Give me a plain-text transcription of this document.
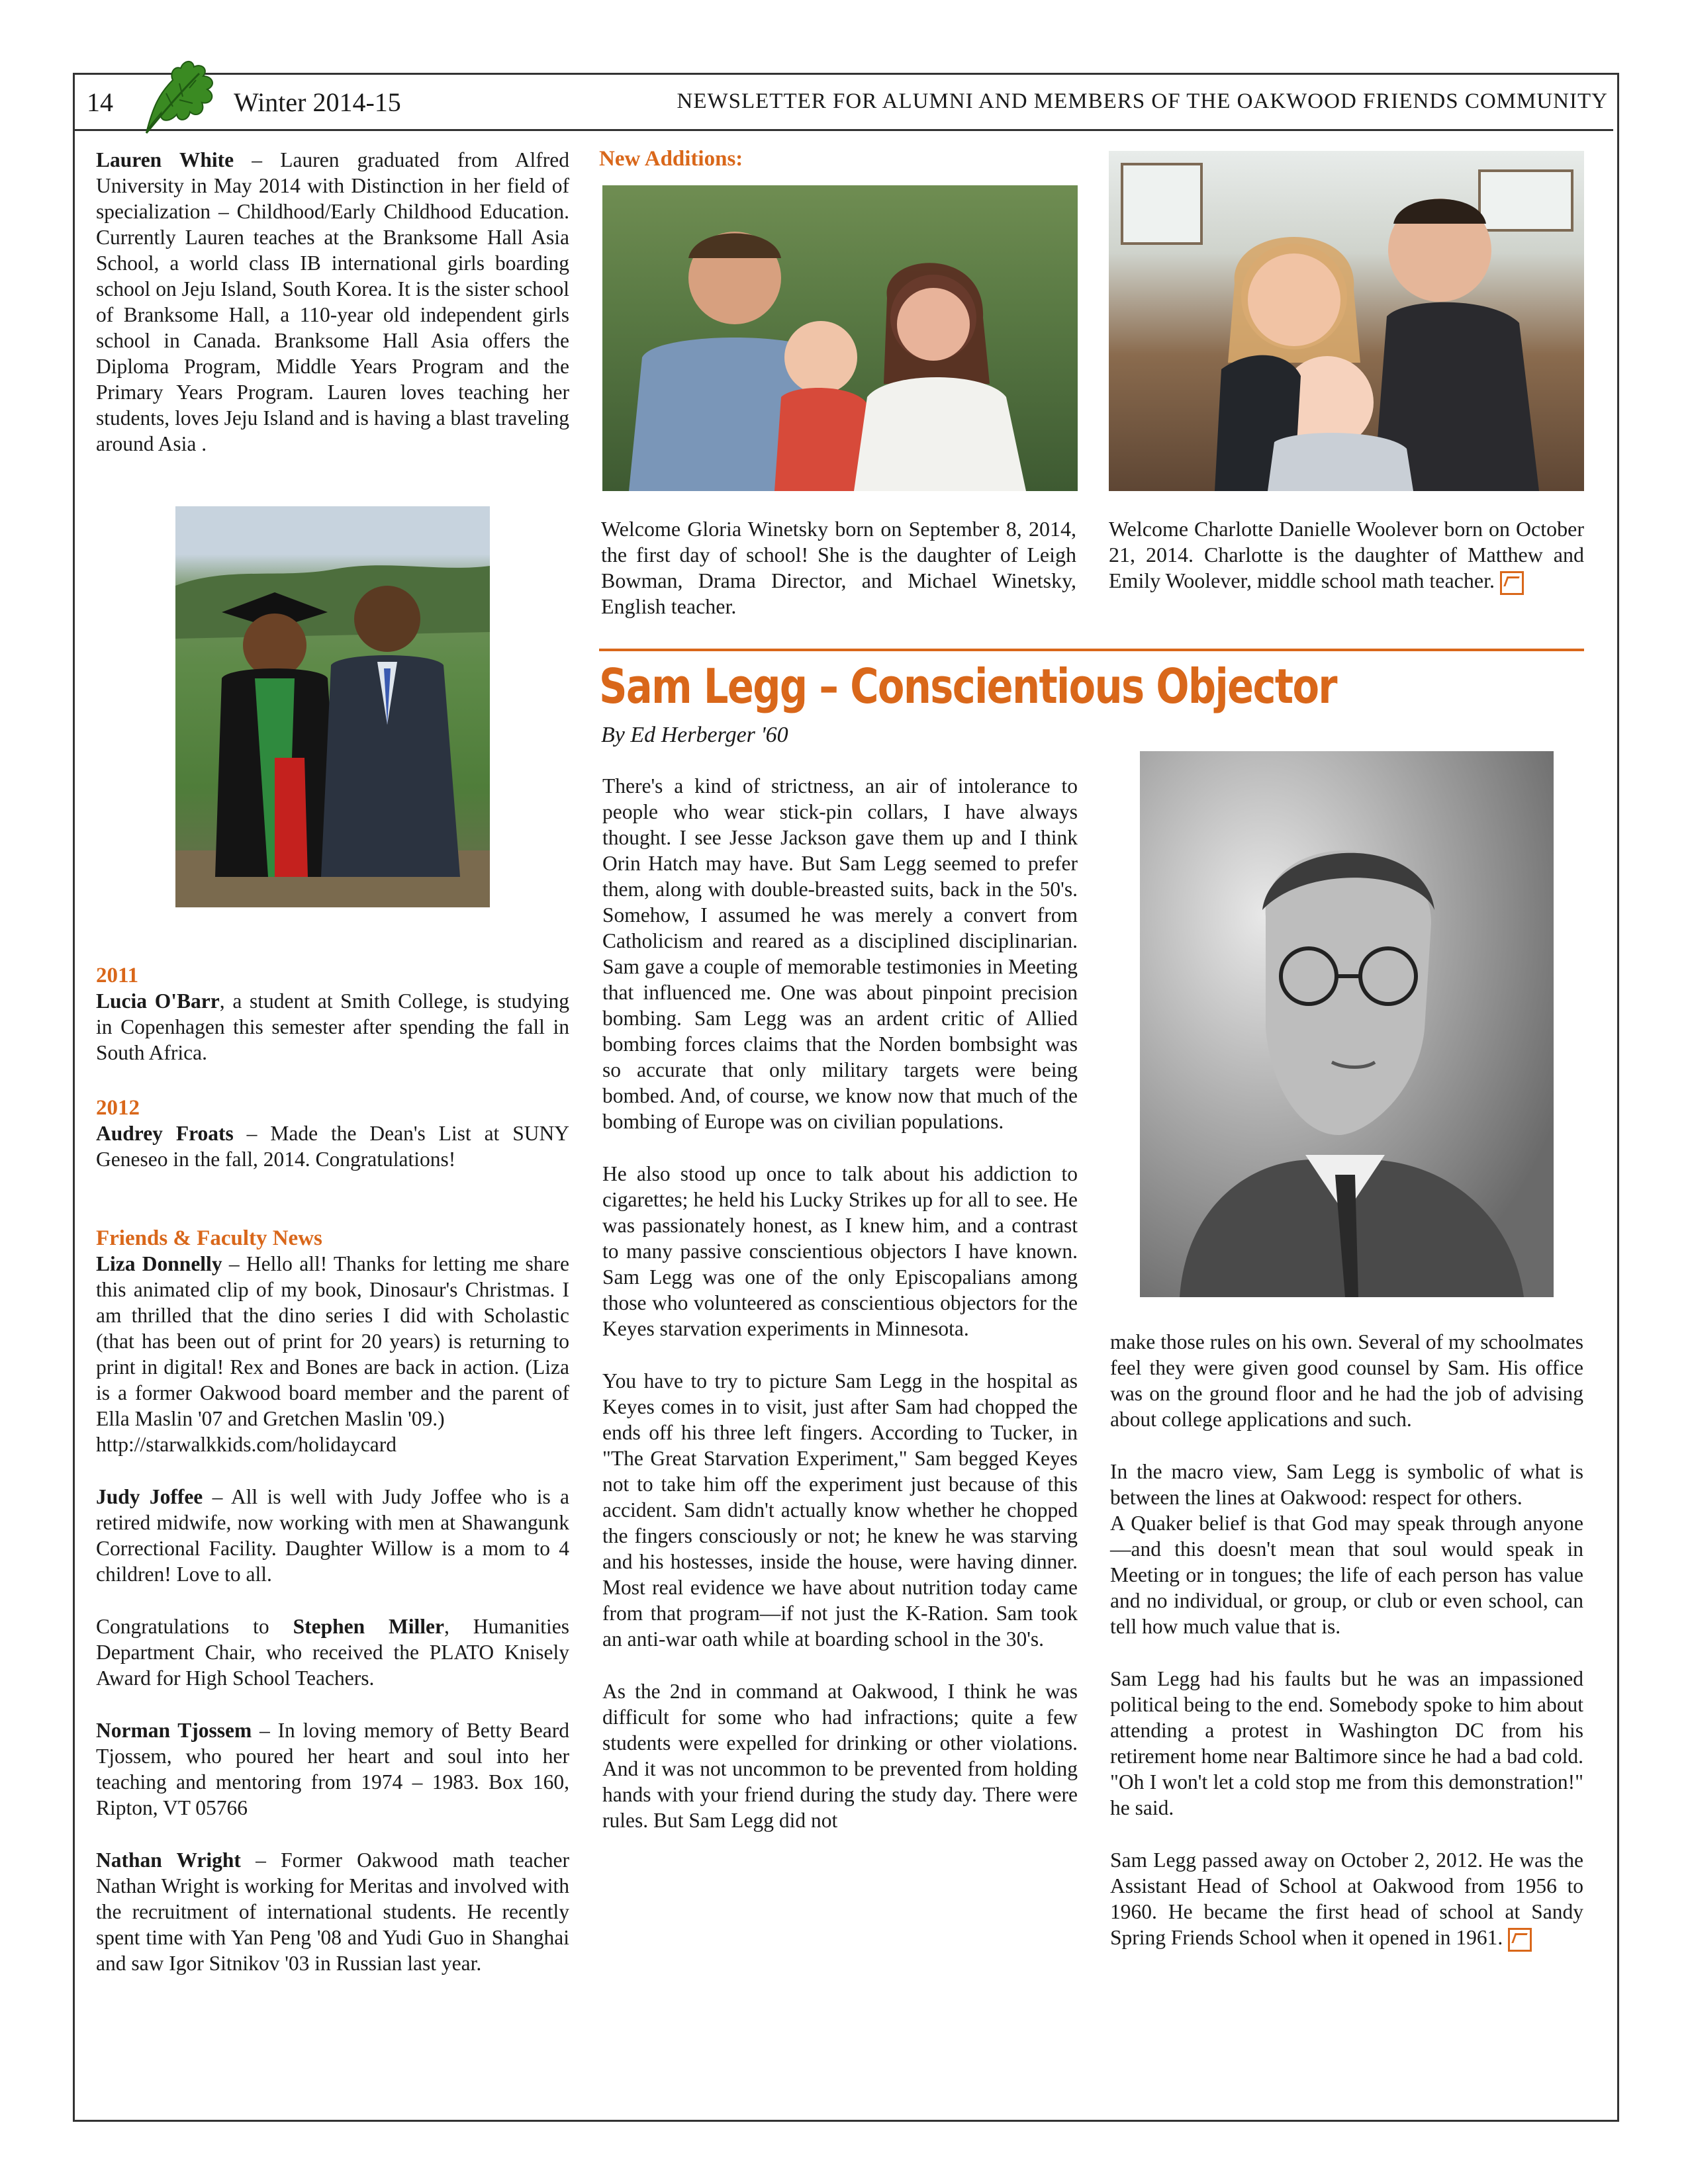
14	Winter 2014-15	NEWSLETTER FOR ALUMNI AND MEMBERS OF THE OAKWOOD FRIENDS COMMUNITY

Lauren White – Lauren graduated from Alfred University in May 2014 with Distinction in her field of specialization – Childhood/Early Childhood Education. Currently Lauren teaches at the Branksome Hall Asia School, a world class IB international girls boarding school on Jeju Island, South Korea. It is the sister school of Branksome Hall, a 110-year old independent girls school in Canada. Branksome Hall Asia offers the Diploma Program, Middle Years Program and the Primary Years Program. Lauren loves teaching her students, loves Jeju Island and is having a blast traveling around Asia .

2011

Lucia O'Barr, a student at Smith College, is studying in Copenhagen this semester after spending the fall in South Africa.

2012

Audrey Froats – Made the Dean's List at SUNY Geneseo in the fall, 2014. Congratulations!

Friends & Faculty News

Liza Donnelly – Hello all! Thanks for letting me share this animated clip of my book, Dinosaur's Christmas. I am thrilled that the dino series I did with Scholastic (that has been out of print for 20 years) is returning to print in digital! Rex and Bones are back in action. (Liza is a former Oakwood board member and the parent of Ella Maslin '07 and Gretchen Maslin '09.)
http://starwalkkids.com/holidaycard

Judy Joffee – All is well with Judy Joffee who is a retired midwife, now working with men at Shawangunk Correctional Facility. Daughter Willow is a mom to 4 children! Love to all.

Congratulations to Stephen Miller, Humanities Department Chair, who received the PLATO Knisely Award for High School Teachers.

Norman Tjossem – In loving memory of Betty Beard Tjossem, who poured her heart and soul into her teaching and mentoring from 1974 – 1983. Box 160, Ripton, VT 05766

Nathan Wright – Former Oakwood math teacher Nathan Wright is working for Meritas and involved with the recruitment of international students. He recently spent time with Yan Peng '08 and Yudi Guo in Shanghai and saw Igor Sitnikov '03 in Russian last year.

New Additions:
Welcome Gloria Winetsky born on September 8, 2014, the first day of school! She is the daughter of Leigh Bowman, Drama Director, and Michael Winetsky, English teacher.
Welcome Charlotte Danielle Woolever born on October 21, 2014. Charlotte is the daughter of Matthew and Emily Woolever, middle school math teacher.
Sam Legg – Conscientious Objector
By Ed Herberger '60

There's a kind of strictness, an air of intolerance to people who wear stick-pin collars, I have always thought. I see Jesse Jackson gave them up and I think Orin Hatch may have. But Sam Legg seemed to prefer them, along with double-breasted suits, back in the 50's. Somehow, I assumed he was merely a convert from Catholicism and reared as a disciplined disciplinarian. Sam gave a couple of memorable testimonies in Meeting that influenced me. One was about pinpoint precision bombing. Sam Legg was an ardent critic of Allied bombing forces claims that the Norden bombsight was so accurate that only military targets were being bombed. And, of course, we know now that much of the bombing of Europe was on civilian populations.

He also stood up once to talk about his addiction to cigarettes; he held his Lucky Strikes up for all to see. He was passionately honest, as I knew him, and a contrast to many passive conscientious objectors I have known. Sam Legg was one of the only Episcopalians among those who volunteered as conscientious objectors for the Keyes starvation experiments in Minnesota.

You have to try to picture Sam Legg in the hospital as Keyes comes in to visit, just after Sam had chopped the ends off his three left fingers. According to Tucker, in "The Great Starvation Experiment," Sam begged Keyes not to take him off the experiment just because of this accident. Sam didn't actually know whether he chopped the fingers consciously or not; he knew he was starving and his hostesses, inside the house, were having dinner. Most real evidence we have about nutrition today came from that program—if not just the K-Ration. Sam took an anti-war oath while at boarding school in the 30's.

As the 2nd in command at Oakwood, I think he was difficult for some who had infractions; quite a few students were expelled for drinking or other violations. And it was not uncommon to be prevented from holding hands with your friend during the study day. There were rules. But Sam Legg did not

make those rules on his own. Several of my schoolmates feel they were given good counsel by Sam. His office was on the ground floor and he had the job of advising about college applications and such.

In the macro view, Sam Legg is symbolic of what is between the lines at Oakwood: respect for others.
A Quaker belief is that God may speak through anyone—and this doesn't mean that soul would speak in Meeting or in tongues; the life of each person has value and no individual, or group, or club or even school, can tell how much value that is.

Sam Legg had his faults but he was an impassioned political being to the end. Somebody spoke to him about attending a protest in Washington DC from his retirement home near Baltimore since he had a bad cold. "Oh I won't let a cold stop me from this demonstration!" he said.

Sam Legg passed away on October 2, 2012. He was the Assistant Head of School at Oakwood from 1956 to 1960. He became the first head of school at Sandy Spring Friends School when it opened in 1961.
